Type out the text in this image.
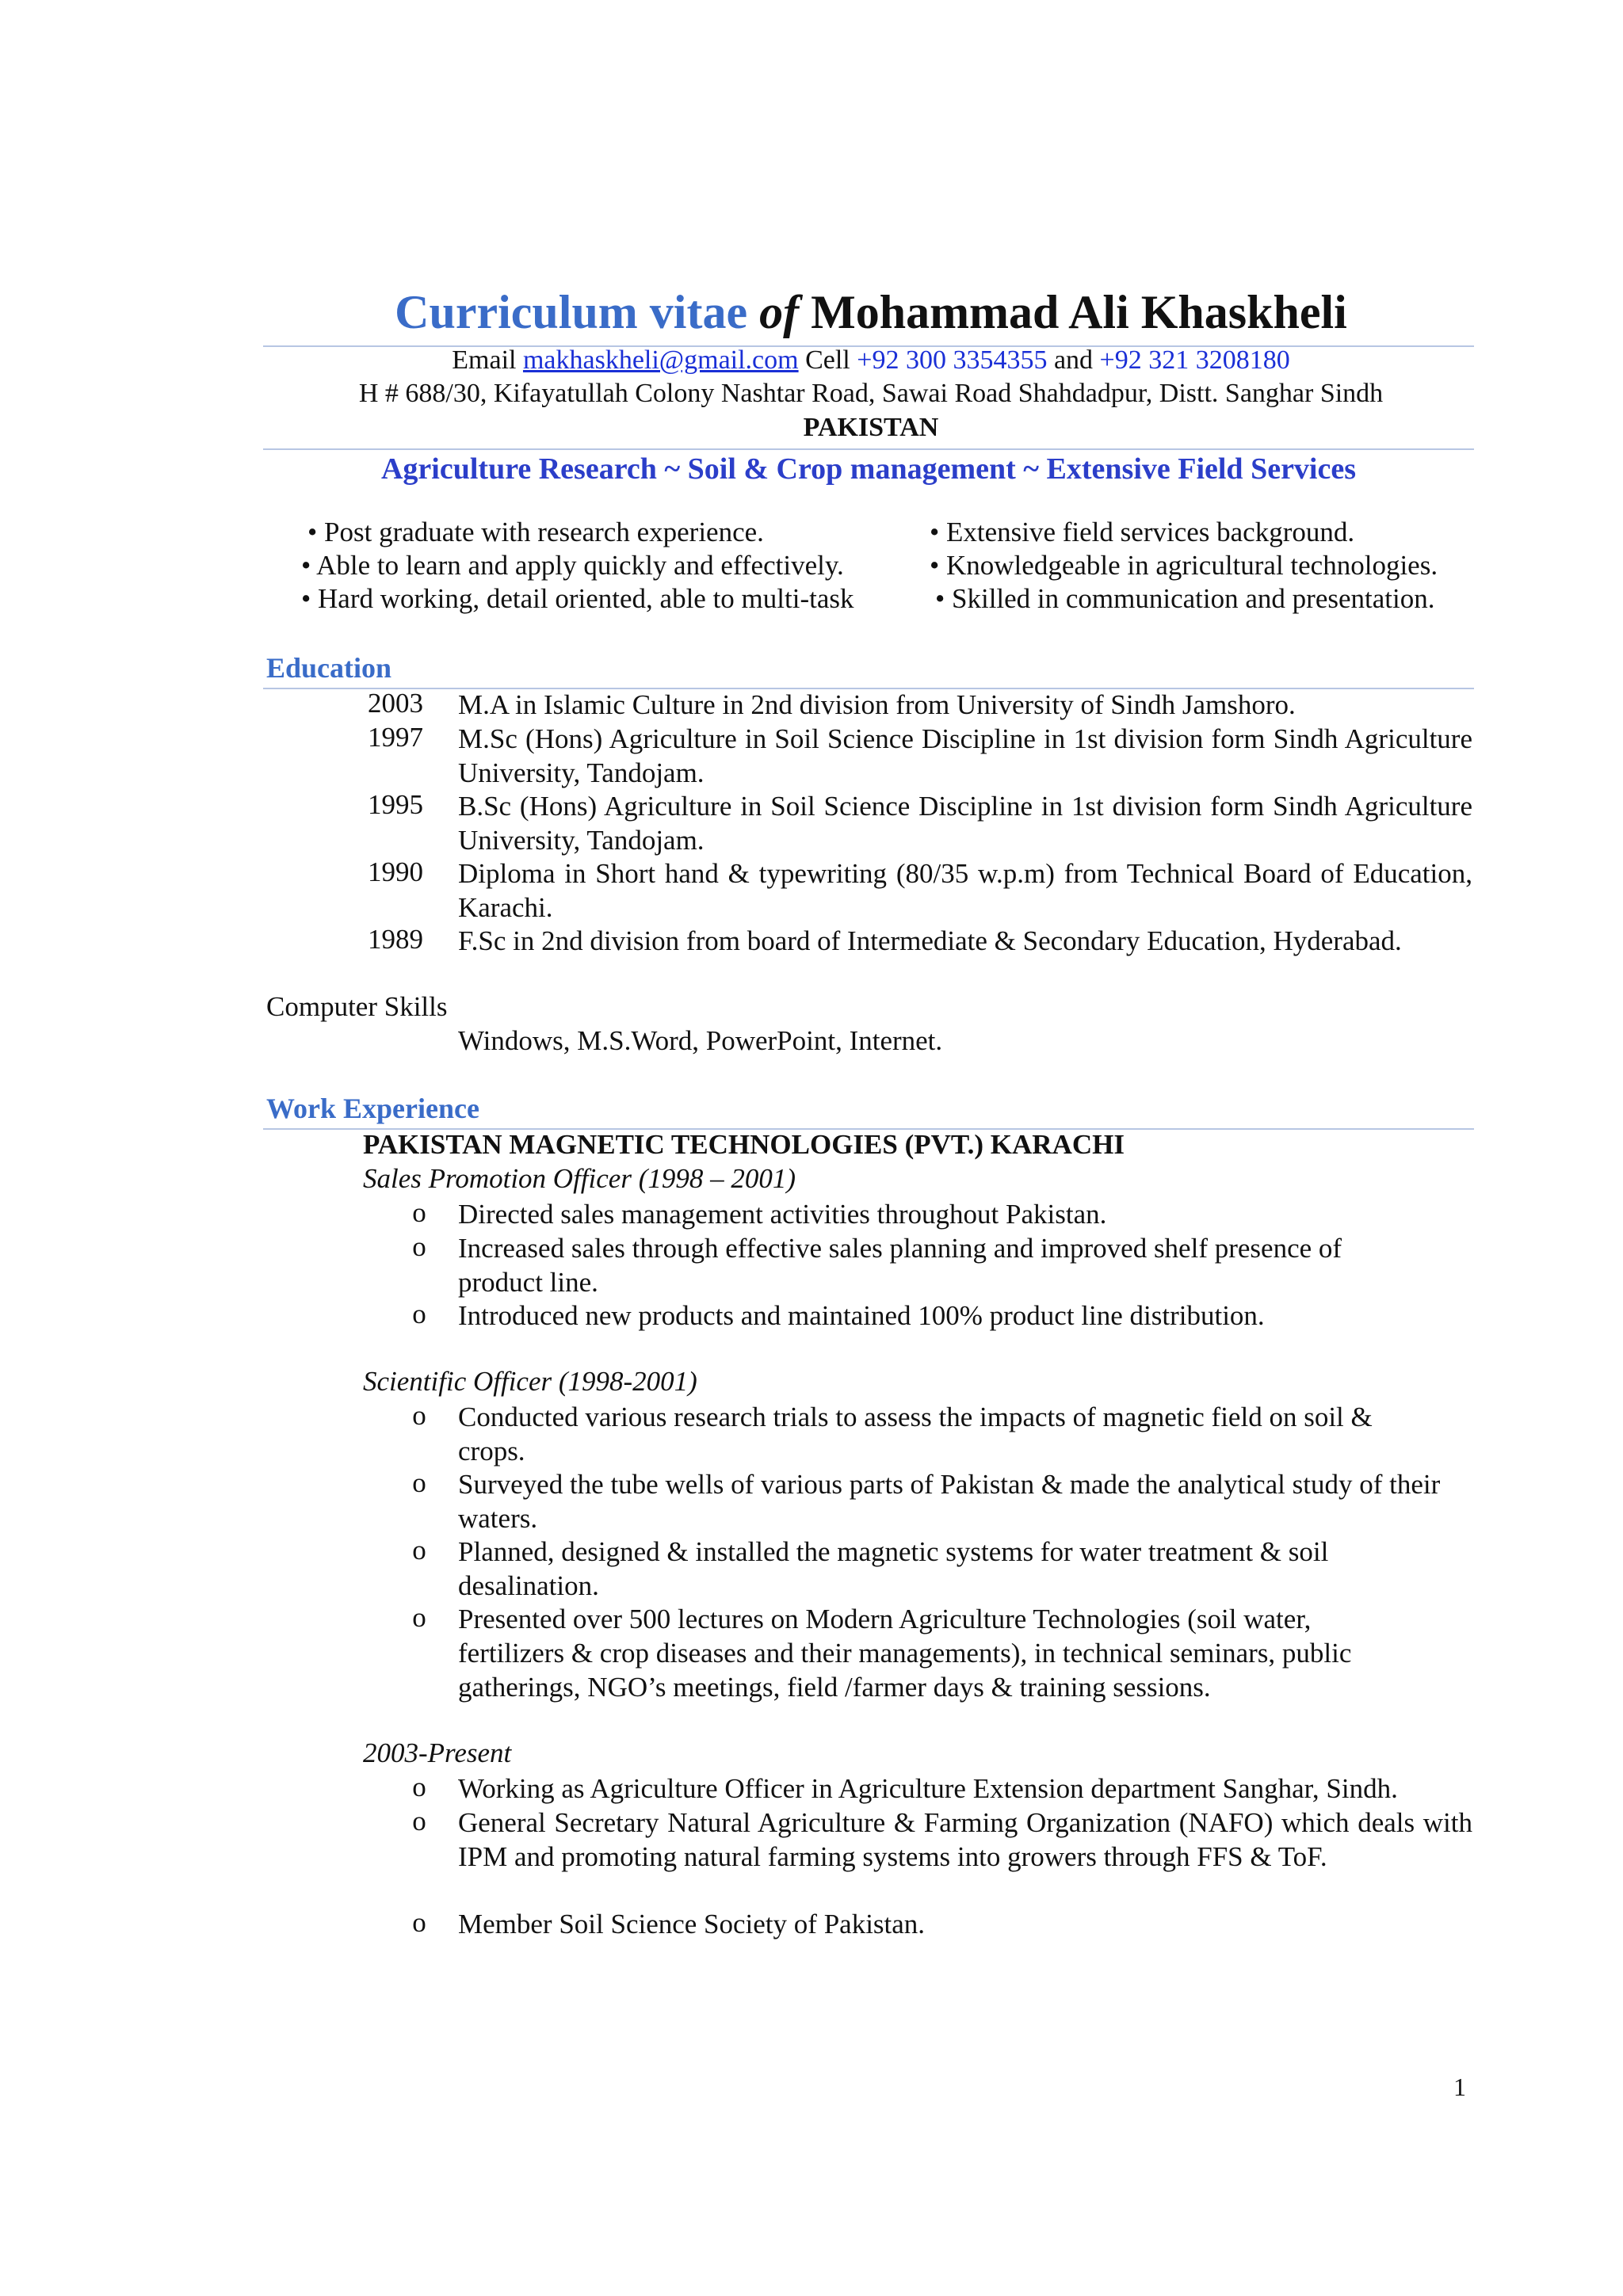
Curriculum vitae of Mohammad Ali Khaskheli
Email makhaskheli@gmail.com Cell +92 300 3354355 and +92 321 3208180
H # 688/30, Kifayatullah Colony Nashtar Road, Sawai Road Shahdadpur, Distt. Sanghar Sindh
PAKISTAN
Agriculture Research ~ Soil & Crop management ~ Extensive Field Services
• Post graduate with research experience.
• Able to learn and apply quickly and effectively.
• Hard working, detail oriented, able to multi-task
• Extensive field services background.
• Knowledgeable in agricultural technologies.
• Skilled in communication and presentation.
Education
2003 M.A in Islamic Culture in 2nd division from University of Sindh Jamshoro.
1997 M.Sc (Hons) Agriculture in Soil Science Discipline in 1st division form Sindh Agriculture University, Tandojam.
1995 B.Sc (Hons) Agriculture in Soil Science Discipline in 1st division form Sindh Agriculture University, Tandojam.
1990 Diploma in Short hand & typewriting (80/35 w.p.m) from Technical Board of Education, Karachi.
1989 F.Sc in 2nd division from board of Intermediate & Secondary Education, Hyderabad.
Computer Skills
Windows, M.S.Word, PowerPoint, Internet.
Work Experience
PAKISTAN MAGNETIC TECHNOLOGIES (PVT.) KARACHI
Sales Promotion Officer (1998 – 2001)
o Directed sales management activities throughout Pakistan.
o Increased sales through effective sales planning and improved shelf presence of product line.
o Introduced new products and maintained 100% product line distribution.
Scientific Officer (1998-2001)
o Conducted various research trials to assess the impacts of magnetic field on soil & crops.
o Surveyed the tube wells of various parts of Pakistan & made the analytical study of their waters.
o Planned, designed & installed the magnetic systems for water treatment & soil desalination.
o Presented over 500 lectures on Modern Agriculture Technologies (soil water, fertilizers & crop diseases and their managements), in technical seminars, public gatherings, NGO’s meetings, field /farmer days & training sessions.
2003-Present
o Working as Agriculture Officer in Agriculture Extension department Sanghar, Sindh.
o General Secretary Natural Agriculture & Farming Organization (NAFO) which deals with IPM and promoting natural farming systems into growers through FFS & ToF.
o Member Soil Science Society of Pakistan.
1
